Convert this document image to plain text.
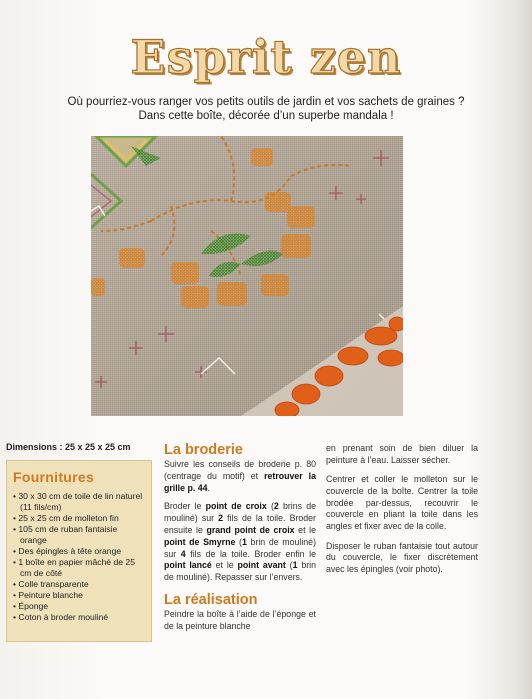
Esprit zen
Où pourriez-vous ranger vos petits outils de jardin et vos sachets de graines ?
Dans cette boîte, décorée d’un superbe mandala !
Dimensions : 25 x 25 x 25 cm
Fournitures
• 30 x 30 cm de toile de lin naturel (11 fils/cm)
• 25 x 25 cm de molleton fin
• 105 cm de ruban fantaisie orange
• Des épingles à tête orange
• 1 boîte en papier mâché de 25 cm de côté
• Colle transparente
• Peinture blanche
• Éponge
• Coton à broder mouliné
La broderie

Suivre les conseils de broderie p. 80 (centrage du motif) et retrouver la grille p. 44.

Broder le point de croix (2 brins de mouliné) sur 2 fils de la toile. Broder ensuite le grand point de croix et le point de Smyrne (1 brin de mouliné) sur 4 fils de la toile. Broder enfin le point lancé et le point avant (1 brin de mouliné). Repasser sur l’envers.

La réalisation

Peindre la boîte à l’aide de l’éponge et de la peinture blanche

en prenant soin de bien diluer la peinture à l’eau. Laisser sécher.

Centrer et coller le molleton sur le couvercle de la boîte. Centrer la toile brodée par-dessus, recouvrir le couvercle en pliant la toile dans les angles et fixer avec de la colle.

Disposer le ruban fantaisie tout autour du couvercle, le fixer discrètement avec les épingles (voir photo).
